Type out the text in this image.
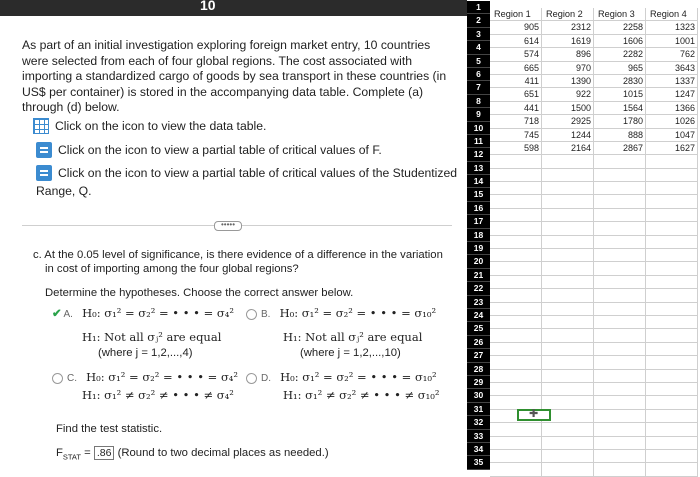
10
As part of an initial investigation exploring foreign market entry, 10 countries were selected from each of four global regions. The cost associated with importing a standardized cargo of goods by sea transport in these countries (in US$ per container) is stored in the accompanying data table. Complete (a) through (d) below.
Click on the icon to view the data table.
Click on the icon to view a partial table of critical values of F.
Click on the icon to view a partial table of critical values of the Studentized
Range, Q.
•••••
c. At the 0.05 level of significance, is there evidence of a difference in the variation
in cost of importing among the four global regions?
Determine the hypotheses. Choose the correct answer below.
✔ A. H₀: σ₁² = σ₂² = • • • = σ₄²
H₁: Not all σⱼ² are equal
(where j = 1,2,...,4)
B. H₀: σ₁² = σ₂² = • • • = σ₁₀²
H₁: Not all σⱼ² are equal
(where j = 1,2,...,10)
C. H₀: σ₁² = σ₂² = • • • = σ₄²
H₁: σ₁² ≠ σ₂² ≠ • • • ≠ σ₄²
D. H₀: σ₁² = σ₂² = • • • = σ₁₀²
H₁: σ₁² ≠ σ₂² ≠ • • • ≠ σ₁₀²
Find the test statistic.
$F_{STAT} = .86$ (Round to two decimal places as needed.)
1
2
3
4
5
6
7
8
9
10
11
12
13
14
15
16
17
18
19
20
21
22
23
24
25
26
27
28
29
30
31
32
33
34
35
Region 1	Region 2	Region 3	Region 4
905	2312	2258	1323
614	1619	1606	1001
574	896	2282	762
665	970	965	3643
411	1390	2830	1337
651	922	1015	1247
441	1500	1564	1366
718	2925	1780	1026
745	1244	888	1047
598	2164	2867	1627
✚
